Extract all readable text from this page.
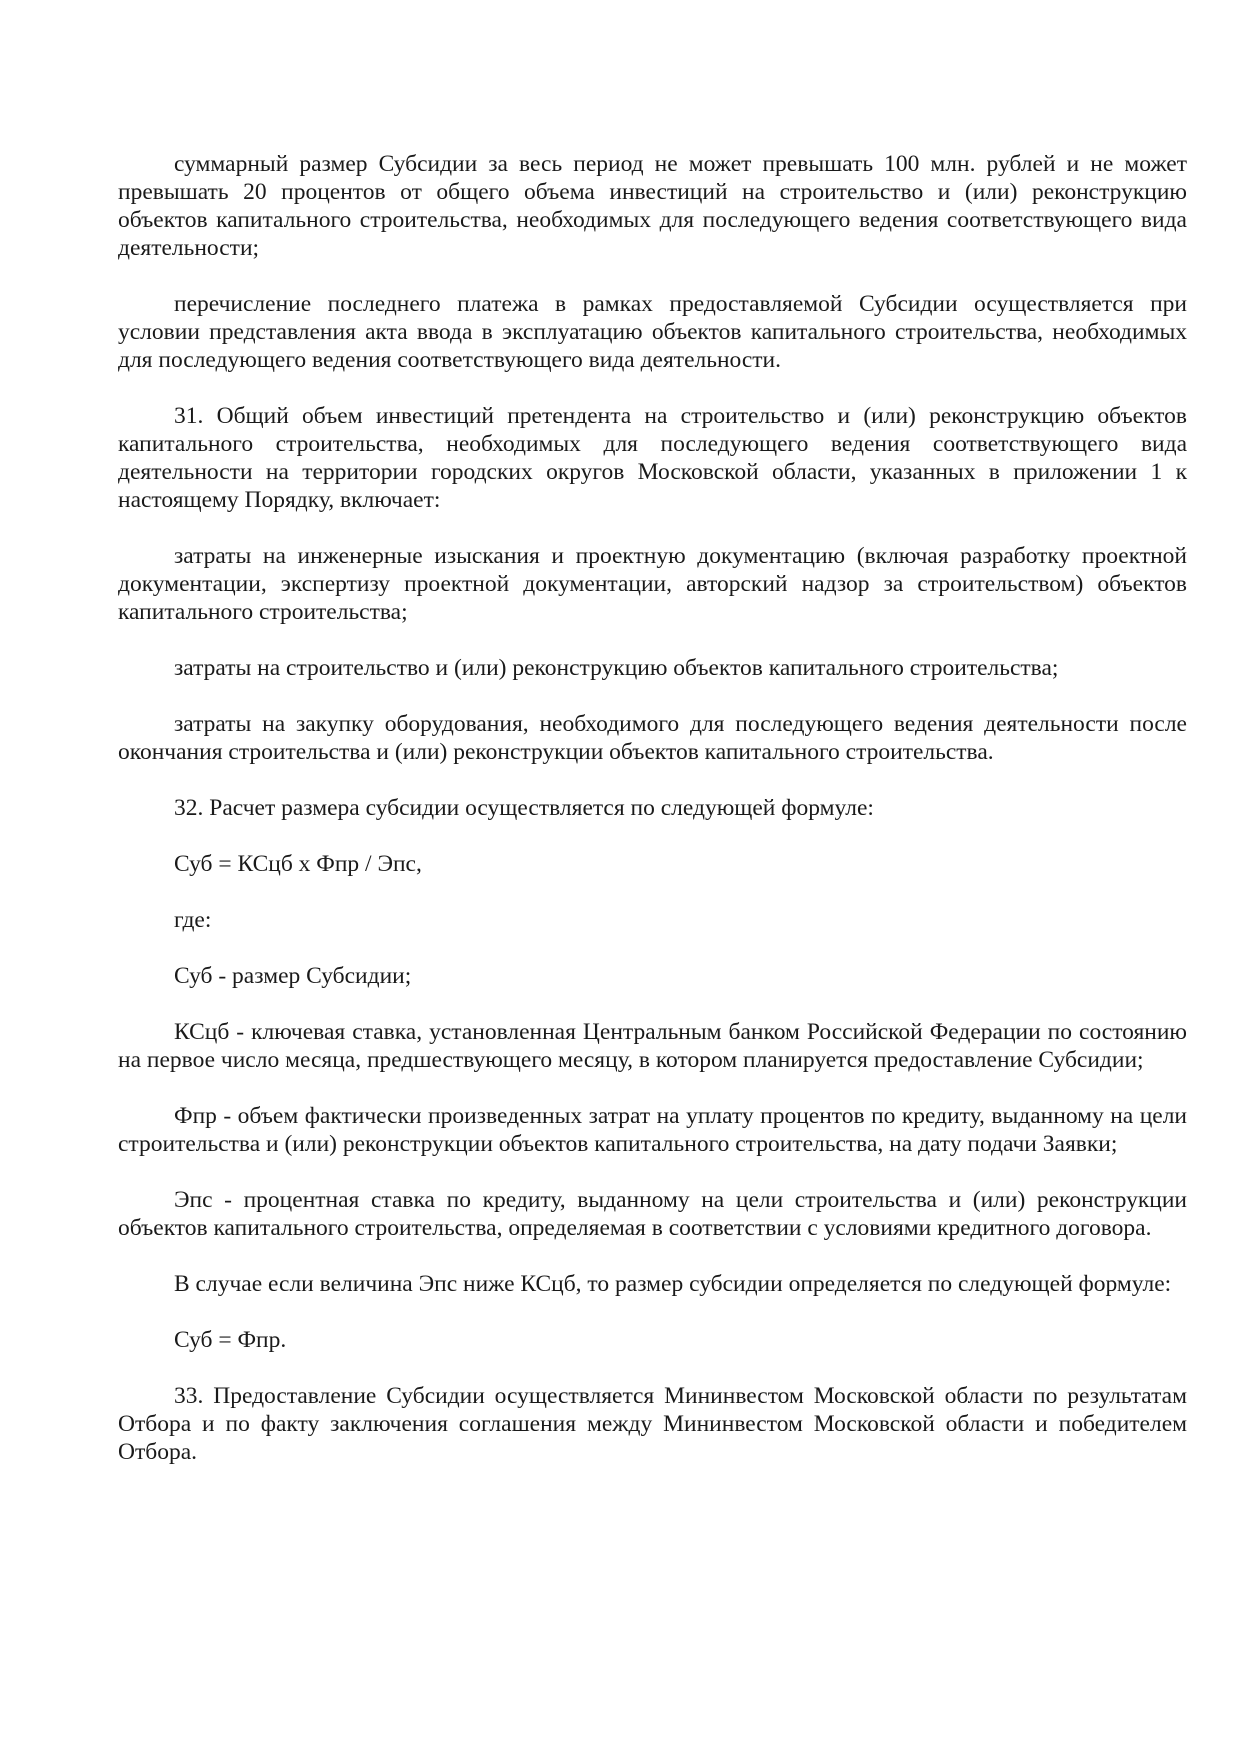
суммарный размер Субсидии за весь период не может превышать 100 млн. рублей и не может превышать 20 процентов от общего объема инвестиций на строительство и (или) реконструкцию объектов капитального строительства, необходимых для последующего ведения соответствующего вида деятельности;

перечисление последнего платежа в рамках предоставляемой Субсидии осуществляется при условии представления акта ввода в эксплуатацию объектов капитального строительства, необходимых для последующего ведения соответствующего вида деятельности.

31. Общий объем инвестиций претендента на строительство и (или) реконструкцию объектов капитального строительства, необходимых для последующего ведения соответствующего вида деятельности на территории городских округов Московской области, указанных в приложении 1 к настоящему Порядку, включает:

затраты на инженерные изыскания и проектную документацию (включая разработку проектной документации, экспертизу проектной документации, авторский надзор за строительством) объектов капитального строительства;

затраты на строительство и (или) реконструкцию объектов капитального строительства;

затраты на закупку оборудования, необходимого для последующего ведения деятельности после окончания строительства и (или) реконструкции объектов капитального строительства.

32. Расчет размера субсидии осуществляется по следующей формуле:

Суб = КСцб x Фпр / Эпс,

где:

Суб - размер Субсидии;

КСцб - ключевая ставка, установленная Центральным банком Российской Федерации по состоянию на первое число месяца, предшествующего месяцу, в котором планируется предоставление Субсидии;

Фпр - объем фактически произведенных затрат на уплату процентов по кредиту, выданному на цели строительства и (или) реконструкции объектов капитального строительства, на дату подачи Заявки;

Эпс - процентная ставка по кредиту, выданному на цели строительства и (или) реконструкции объектов капитального строительства, определяемая в соответствии с условиями кредитного договора.

В случае если величина Эпс ниже КСцб, то размер субсидии определяется по следующей формуле:

Суб = Фпр.

33. Предоставление Субсидии осуществляется Мининвестом Московской области по результатам Отбора и по факту заключения соглашения между Мининвестом Московской области и победителем Отбора.
